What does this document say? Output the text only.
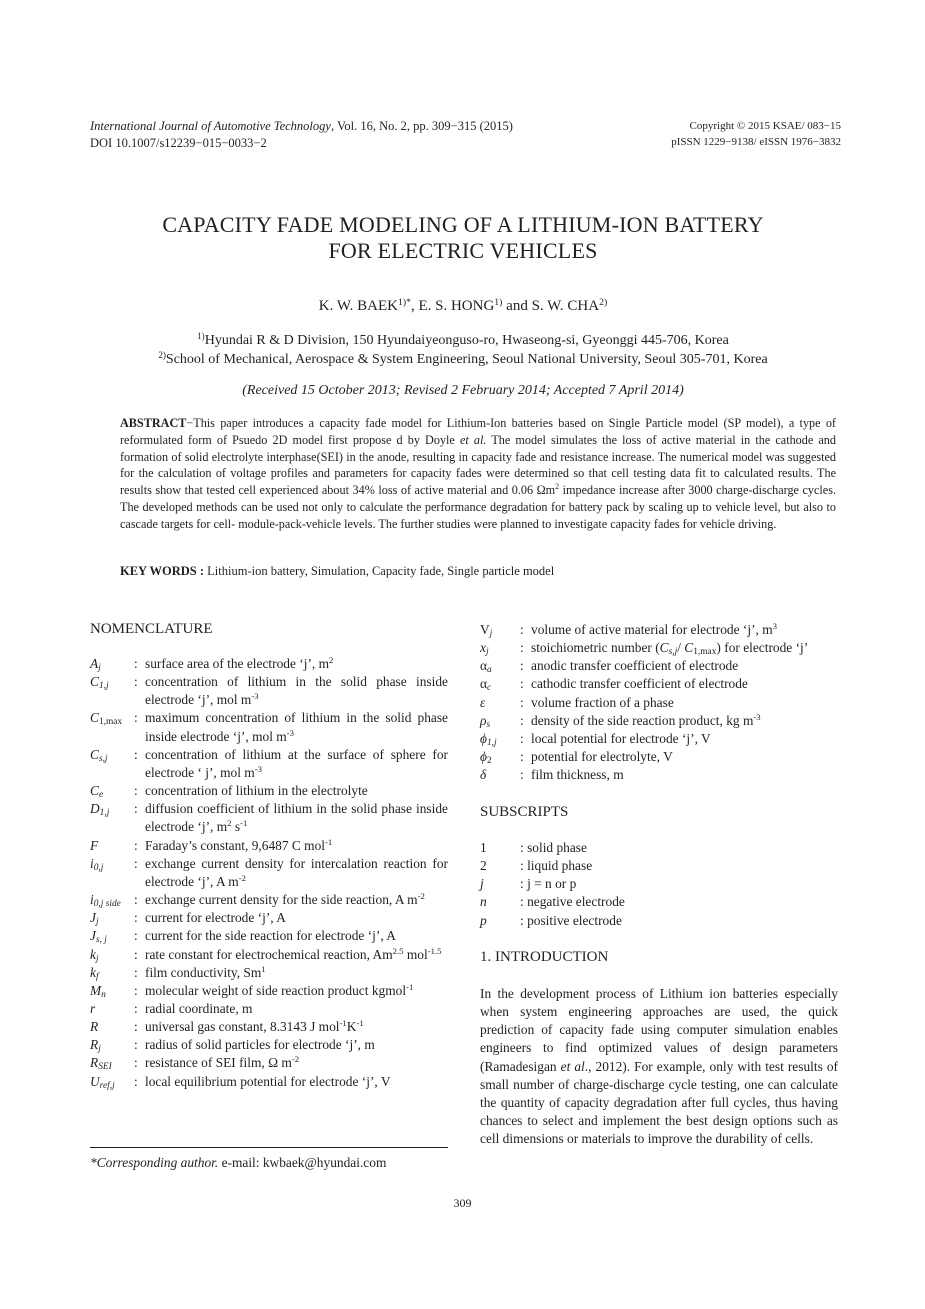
International Journal of Automotive Technology, Vol. 16, No. 2, pp. 309−315 (2015)
DOI 10.1007/s12239−015−0033−2
Copyright © 2015 KSAE/ 083−15
pISSN 1229−9138/ eISSN 1976−3832
CAPACITY FADE MODELING OF A LITHIUM-ION BATTERY
FOR ELECTRIC VEHICLES
K. W. $BAEK^{1)*}$, E. S. HONG$^{1)}$ and S. W. CHA$^{2)}$
$^{1)}$Hyundai R & D Division, 150 Hyundaiyeonguso-ro, Hwaseong-si, Gyeonggi 445-706, Korea
$^{2)}$School of Mechanical, Aerospace & System Engineering, Seoul National University, Seoul 305-701, Korea
(Received 15 October 2013; Revised 2 February 2014; Accepted 7 April 2014)
ABSTRACT−This paper introduces a capacity fade model for Lithium-Ion batteries based on Single Particle model (SP model), a type of reformulated form of Psuedo 2D model first propose d by Doyle et al. The model simulates the loss of active material in the cathode and formation of solid electrolyte interphase(SEI) in the anode, resulting in capacity fade and resistance increase. The numerical model was suggested for the calculation of voltage profiles and parameters for capacity fades were determined so that cell testing data fit to calculated results. The results show that tested cell experienced about 34% loss of active material and 0.06 $\Omega m^2$ impedance increase after 3000 charge-discharge cycles. The developed methods can be used not only to calculate the performance degradation for battery pack by scaling up to vehicle level, but also to cascade targets for cell- module-pack-vehicle levels. The further studies were planned to investigate capacity fades for vehicle driving.
KEY WORDS : Lithium-ion battery, Simulation, Capacity fade, Single particle model
NOMENCLATURE
$A_j$	: surface area of the electrode ‘j’, $m^2$
$C_{1,j}$	: concentration of lithium in the solid phase inside electrode ‘j’, mol $m^{-3}$
$C_{1,max}$ : maximum concentration of lithium in the solid phase inside electrode ‘j’, mol $m^{-3}$
$C_{s,j}$	: concentration of lithium at the surface of sphere for electrode ‘ j’, mol $m^{-3}$
$C_e$	: concentration of lithium in the electrolyte
$D_{1,j}$	: diffusion coefficient of lithium in the solid phase inside electrode ‘j’, $m^2$ $s^{-1}$
F	: Faraday’s constant, 9,6487 C mol$^{-1}$
$i_{0,j}$	: exchange current density for intercalation reaction for electrode ‘j’, A $m^{-2}$
$i_{0,j side}$ : exchange current density for the side reaction, A $m^{-2}$
$J_j$	: current for electrode ‘j’, A
$J_{s, j}$	: current for the side reaction for electrode ‘j’, A
$k_j$	: rate constant for electrochemical reaction, $Am^{2.5}$ mol$^{-1.5}$
$k_f$	: film conductivity, Sm$^1$
$M_n$	: molecular weight of side reaction product kgmol$^{-1}$
r	: radial coordinate, m
R	: universal gas constant, 8.3143 J $mol^{-1}K^{-1}$
$R_j$	: radius of solid particles for electrode ‘j’, m
$R_{SEI}$	: resistance of SEI film, Ω $m^{-2}$
$U_{ref,j}$	: local equilibrium potential for electrode ‘j’, V
$V_j$	: volume of active material for electrode ‘j’, $m^3$
$x_j$	: stoichiometric number ($C_{s,j}/$ $C_{1,max}$) for electrode ‘j’
$\alpha_a$	: anodic transfer coefficient of electrode
$\alpha_c$	: cathodic transfer coefficient of electrode
ε	: volume fraction of a phase
$\rho_s$	: density of the side reaction product, kg $m^{-3}$
$\phi_{1,j}$	: local potential for electrode ‘j’, V
$\phi_2$	: potential for electrolyte, V
δ	: film thickness, m
SUBSCRIPTS
1	: solid phase
2	: liquid phase
j	: j = n or p
n	: negative electrode
p	: positive electrode
1. INTRODUCTION
In the development process of Lithium ion batteries especially when system engineering approaches are used, the quick prediction of capacity fade using computer simulation enables engineers to find optimized values of design parameters (Ramadesigan et al., 2012). For example, only with test results of small number of charge-discharge cycle testing, one can calculate the quantity of capacity degradation after full cycles, thus having chances to select and implement the best design options such as cell dimensions or materials to improve the durability of cells.
*Corresponding author. e-mail: kwbaek@hyundai.com
309
